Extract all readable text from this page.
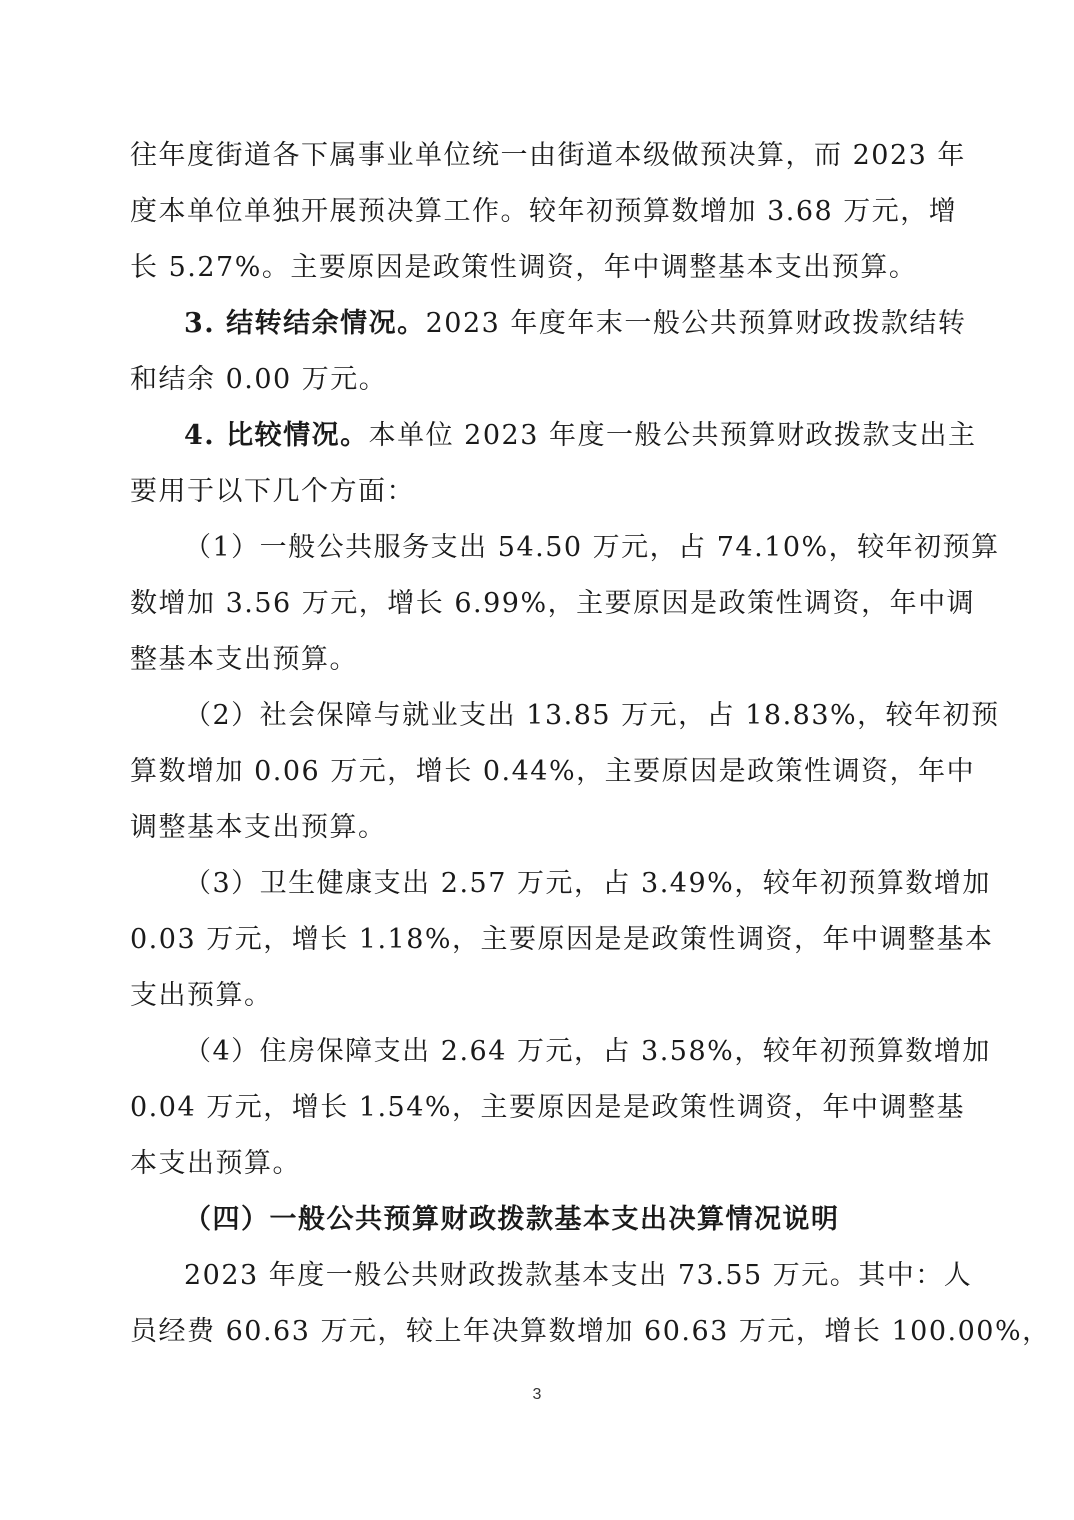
往年度街道各下属事业单位统一由街道本级做预决算，而 2023 年
度本单位单独开展预决算工作。较年初预算数增加 3.68 万元，增
长 5.27%。主要原因是政策性调资，年中调整基本支出预算。
3. 结转结余情况。2023 年度年末一般公共预算财政拨款结转
和结余 0.00 万元。
4. 比较情况。本单位 2023 年度一般公共预算财政拨款支出主
要用于以下几个方面：
（1）一般公共服务支出 54.50 万元，占 74.10%，较年初预算
数增加 3.56 万元，增长 6.99%，主要原因是政策性调资，年中调
整基本支出预算。
（2）社会保障与就业支出 13.85 万元，占 18.83%，较年初预
算数增加 0.06 万元，增长 0.44%，主要原因是政策性调资，年中
调整基本支出预算。
（3）卫生健康支出 2.57 万元，占 3.49%，较年初预算数增加
0.03 万元，增长 1.18%，主要原因是是政策性调资，年中调整基本
支出预算。
（4）住房保障支出 2.64 万元，占 3.58%，较年初预算数增加
0.04 万元，增长 1.54%，主要原因是是政策性调资，年中调整基
本支出预算。
（四）一般公共预算财政拨款基本支出决算情况说明
2023 年度一般公共财政拨款基本支出 73.55 万元。其中：人
员经费 60.63 万元，较上年决算数增加 60.63 万元，增长 100.00%，
3
